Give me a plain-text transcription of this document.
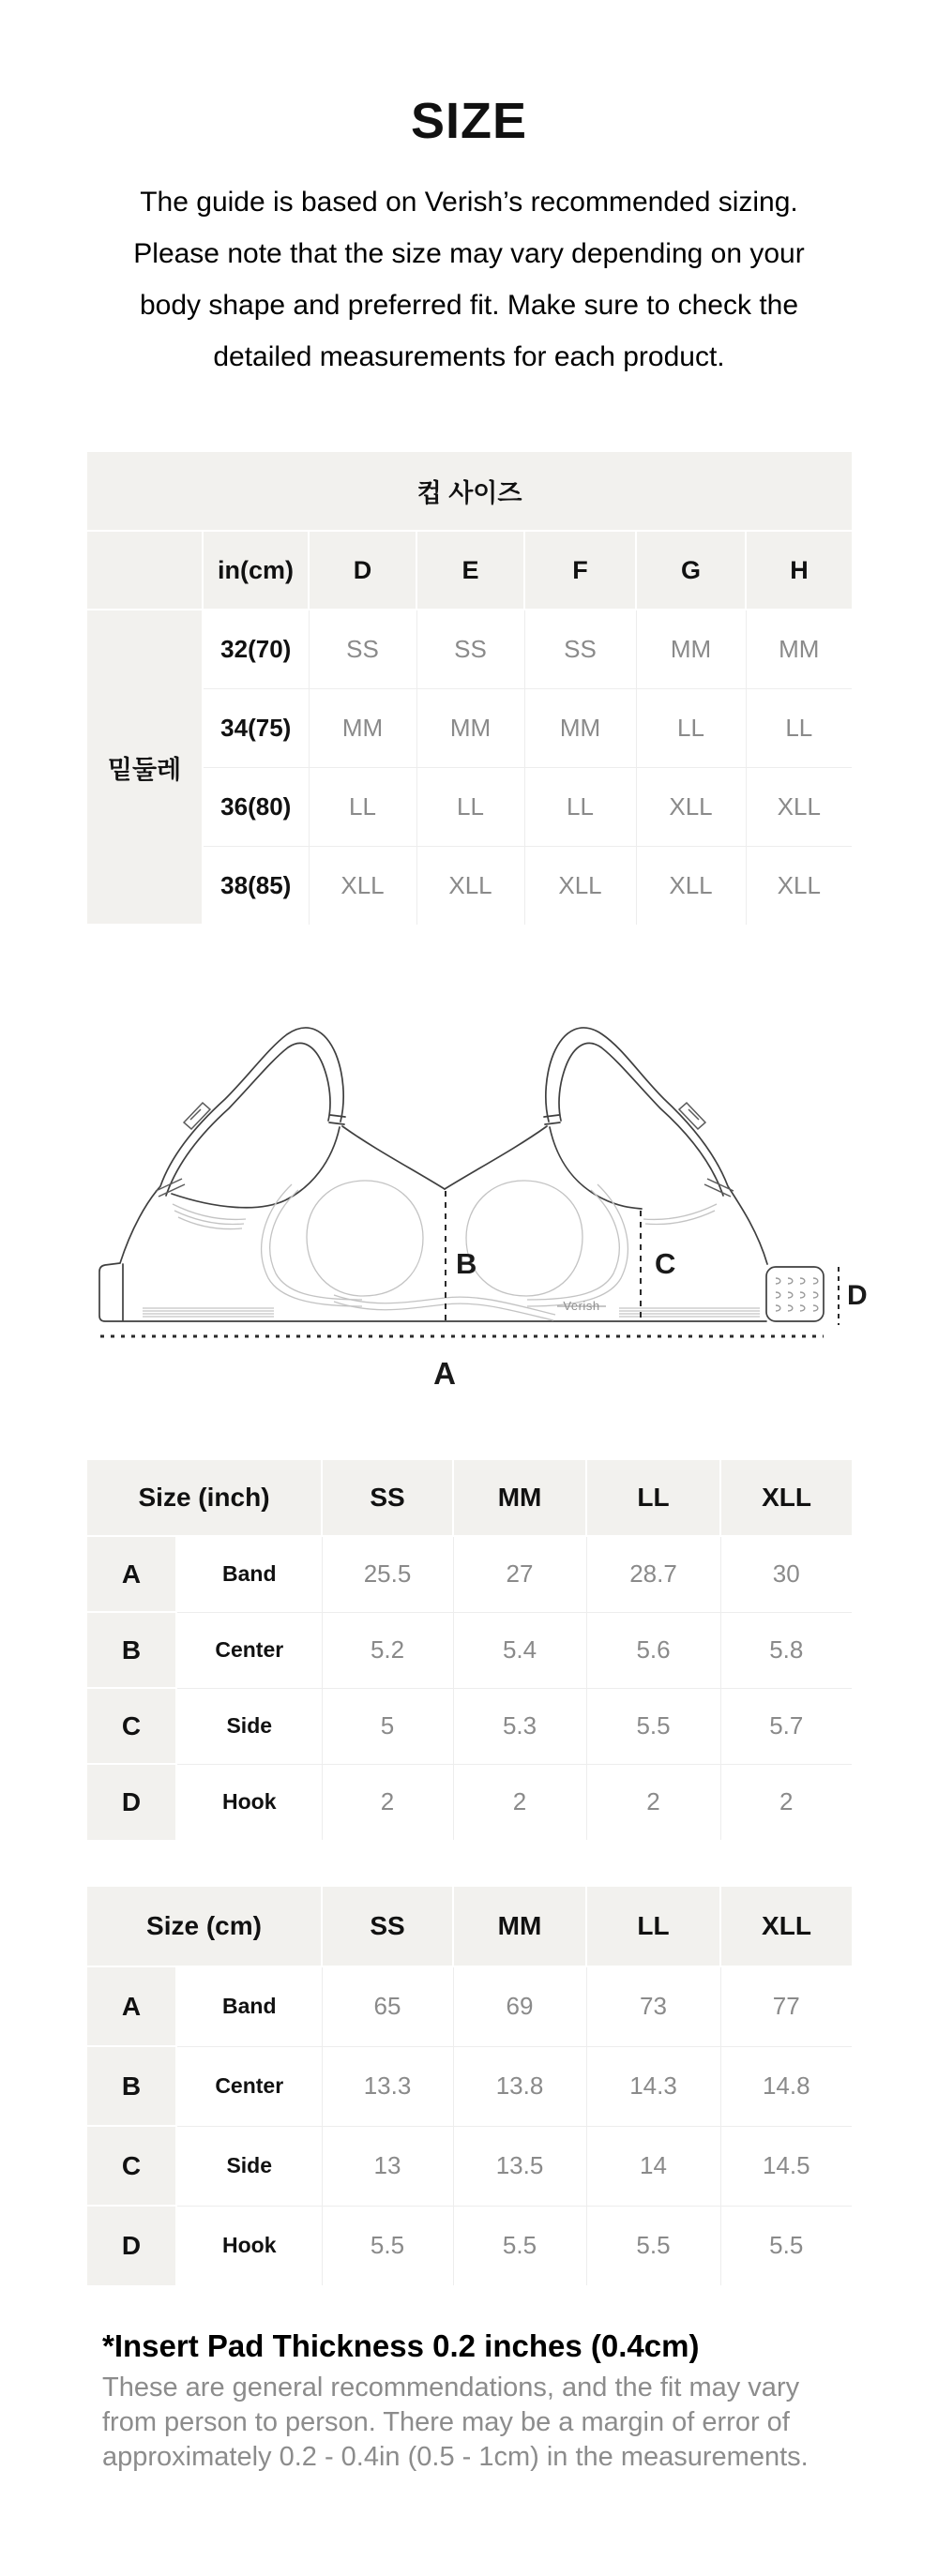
SIZE
The guide is based on Verish’s recommended sizing.
Please note that the size may vary depending on your
body shape and preferred fit. Make sure to check the
detailed measurements for each product.
컵 사이즈						
	in(cm)	D	E	F	G	H
밑둘레	32(70)	SS	SS	SS	MM	MM
	34(75)	MM	MM	MM	LL	LL
	36(80)	LL	LL	LL	XLL	XLL
	38(85)	XLL	XLL	XLL	XLL	XLL
B	C
D
A
Verish
Size (inch)		SS	MM	LL	XLL
A	Band	25.5	27	28.7	30
B	Center	5.2	5.4	5.6	5.8
C	Side	5	5.3	5.5	5.7
D	Hook	2	2	2	2
Size (cm)		SS	MM	LL	XLL
A	Band	65	69	73	77
B	Center	13.3	13.8	14.3	14.8
C	Side	13	13.5	14	14.5
D	Hook	5.5	5.5	5.5	5.5
*Insert Pad Thickness 0.2 inches (0.4cm)
These are general recommendations, and the fit may vary
from person to person. There may be a margin of error of
approximately 0.2 - 0.4in (0.5 - 1cm) in the measurements.
